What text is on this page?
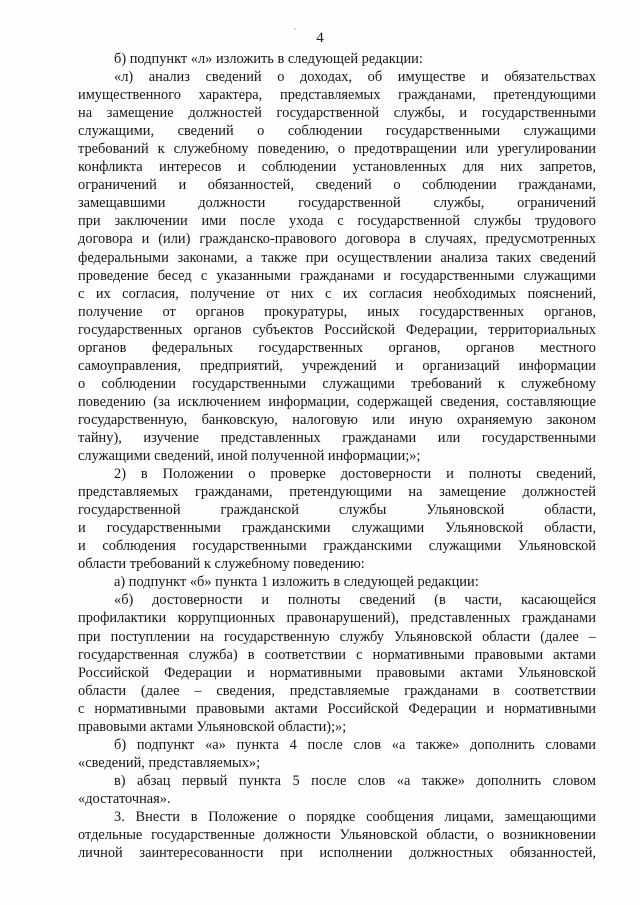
`	4
б) подпункт «л» изложить в следующей редакции:
«л) анализ сведений о доходах, об имуществе и обязательствах
имущественного характера, представляемых гражданами, претендующими
на замещение должностей государственной службы, и государственными
служащими, сведений о соблюдении государственными служащими
требований к служебному поведению, о предотвращении или урегулировании
конфликта интересов и соблюдении установленных для них запретов,
ограничений и обязанностей, сведений о соблюдении гражданами,
замещавшими должности государственной службы, ограничений
при заключении ими после ухода с государственной службы трудового
договора и (или) гражданско-правового договора в случаях, предусмотренных
федеральными законами, а также при осуществлении анализа таких сведений
проведение бесед с указанными гражданами и государственными служащими
с их согласия, получение от них с их согласия необходимых пояснений,
получение от органов прокуратуры, иных государственных органов,
государственных органов субъектов Российской Федерации, территориальных
органов федеральных государственных органов, органов местного
самоуправления, предприятий, учреждений и организаций информации
о соблюдении государственными служащими требований к служебному
поведению (за исключением информации, содержащей сведения, составляющие
государственную, банковскую, налоговую или иную охраняемую законом
тайну), изучение представленных гражданами или государственными
служащими сведений, иной полученной информации;»;
2) в Положении о проверке достоверности и полноты сведений,
представляемых гражданами, претендующими на замещение должностей
государственной гражданской службы Ульяновской области,
и государственными гражданскими служащими Ульяновской области,
и соблюдения государственными гражданскими служащими Ульяновской
области требований к служебному поведению:
а) подпункт «б» пункта 1 изложить в следующей редакции:
«б) достоверности и полноты сведений (в части, касающейся
профилактики коррупционных правонарушений), представленных гражданами
при поступлении на государственную службу Ульяновской области (далее –
государственная служба) в соответствии с нормативными правовыми актами
Российской Федерации и нормативными правовыми актами Ульяновской
области (далее – сведения, представляемые гражданами в соответствии
с нормативными правовыми актами Российской Федерации и нормативными
правовыми актами Ульяновской области);»;
б) подпункт «а» пункта 4 после слов «а также» дополнить словами
«сведений, представляемых»;
в) абзац первый пункта 5 после слов «а также» дополнить словом
«достаточная».
3. Внести в Положение о порядке сообщения лицами, замещающими
отдельные государственные должности Ульяновской области, о возникновении
личной заинтересованности при исполнении должностных обязанностей,
